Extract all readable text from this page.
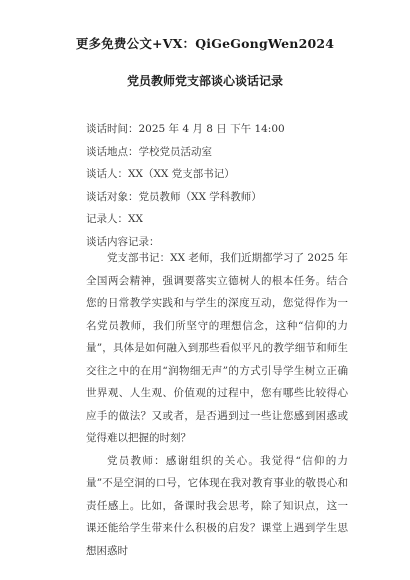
更多免费公文+VX：QiGeGongWen2024
党员教师党支部谈心谈话记录
谈话时间：2025 年 4 月 8 日 下午 14:00
谈话地点：学校党员活动室
谈话人：XX（XX 党支部书记）
谈话对象：党员教师（XX 学科教师）
记录人：XX
谈话内容记录：

党支部书记：XX 老师，我们近期都学习了 2025 年全国两会精神，强调要落实立德树人的根本任务。结合您的日常教学实践和与学生的深度互动，您觉得作为一名党员教师，我们所坚守的理想信念，这种“信仰的力量”，具体是如何融入到那些看似平凡的教学细节和师生交往之中的在用“润物细无声”的方式引导学生树立正确世界观、人生观、价值观的过程中，您有哪些比较得心应手的做法？又或者，是否遇到过一些让您感到困惑或觉得难以把握的时刻？

党员教师：感谢组织的关心。我觉得“信仰的力量”不是空洞的口号，它体现在我对教育事业的敬畏心和责任感上。比如，备课时我会思考，除了知识点，这一课还能给学生带来什么积极的启发？课堂上遇到学生思想困惑时
